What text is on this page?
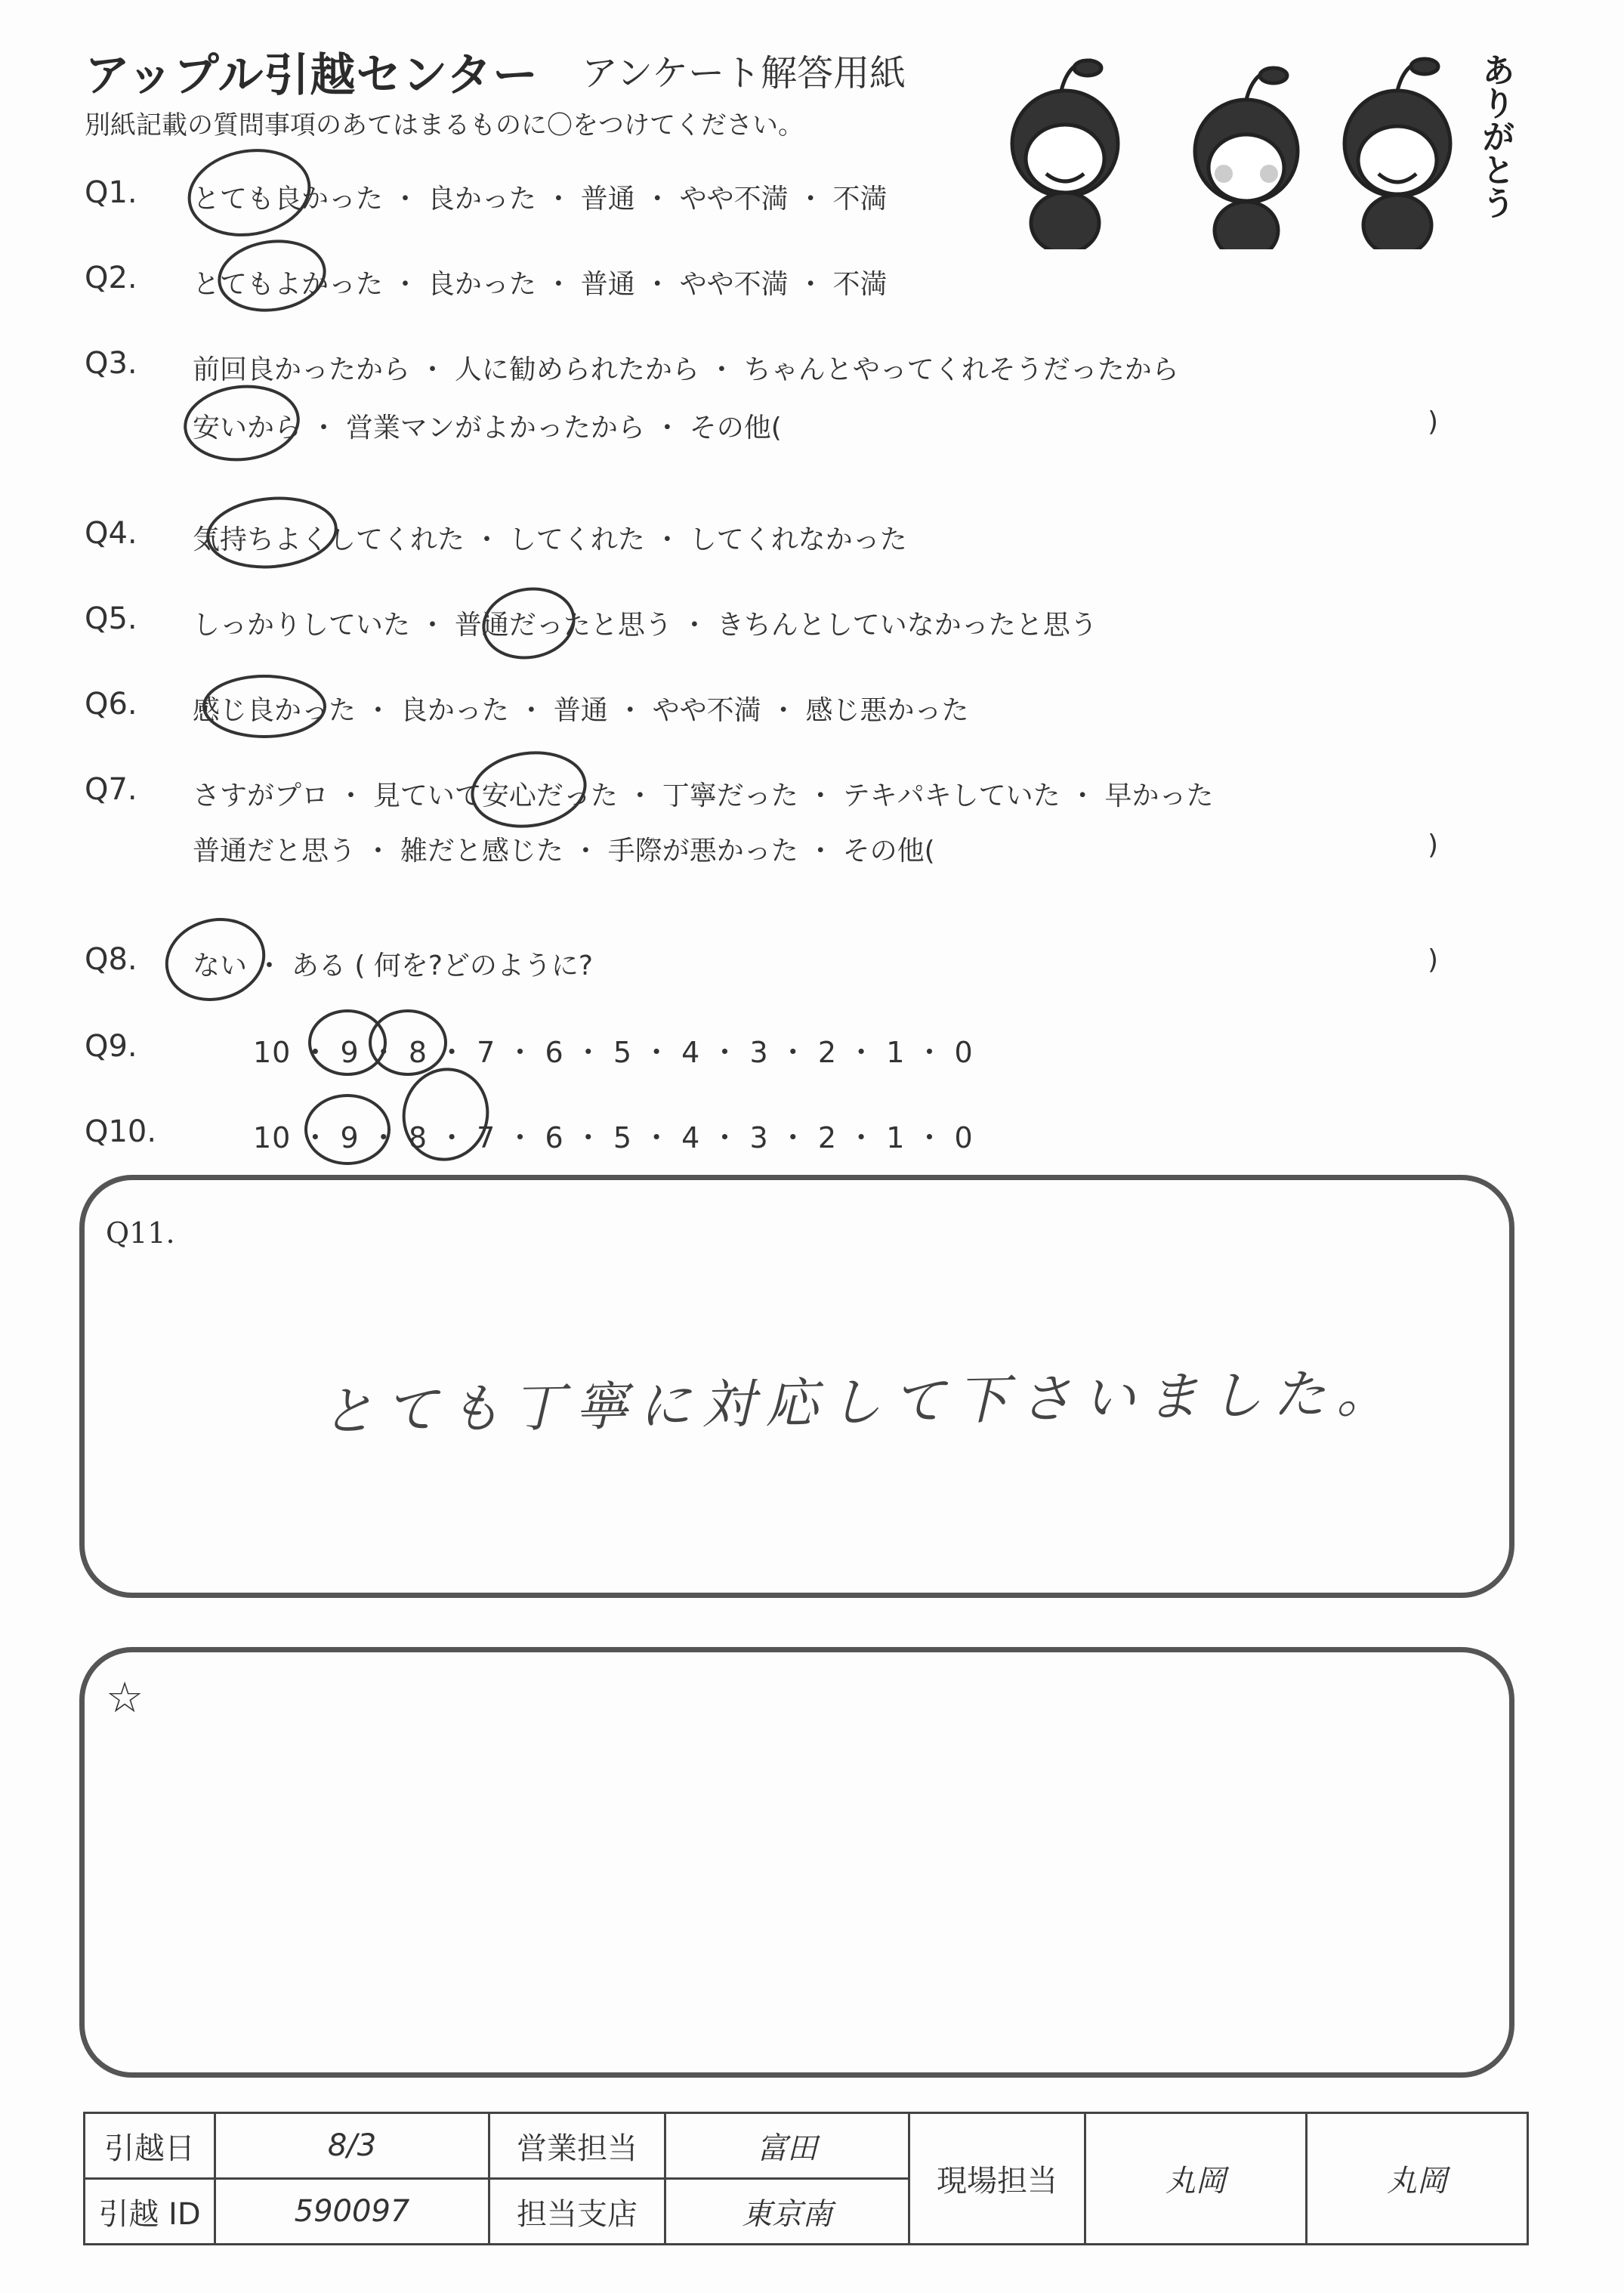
アップル引越センター アンケート解答用紙
別紙記載の質問事項のあてはまるものに〇をつけてください。	ありがとう
Q1. とても良かった ・ 良かった ・ 普通 ・ やや不満 ・ 不満
Q2. とてもよかった ・ 良かった ・ 普通 ・ やや不満 ・ 不満
Q3. 前回良かったから ・ 人に勧められたから ・ ちゃんとやってくれそうだったから
安いから ・ 営業マンがよかったから ・ その他(	)
Q4. 気持ちよくしてくれた ・ してくれた ・ してくれなかった
Q5. しっかりしていた ・ 普通だったと思う ・ きちんとしていなかったと思う
Q6. 感じ良かった ・ 良かった ・ 普通 ・ やや不満 ・ 感じ悪かった
Q7. さすがプロ ・ 見ていて安心だった ・ 丁寧だった ・ テキパキしていた ・ 早かった
普通だと思う ・ 雑だと感じた ・ 手際が悪かった ・ その他(	)
Q8. ない ・ ある ( 何を?どのように?	)
Q9.	10 ・ 9 ・ 8 ・ 7 ・ 6 ・ 5 ・ 4 ・ 3 ・ 2 ・ 1 ・ 0
Q10.	10 ・ 9 ・ 8 ・ 7 ・ 6 ・ 5 ・ 4 ・ 3 ・ 2 ・ 1 ・ 0
Q11.
とても丁寧に対応して下さいました。
☆
引越日	8/3	営業担当	富田	現場担当	丸岡	丸岡
引越 ID	590097	担当支店	東京南			
